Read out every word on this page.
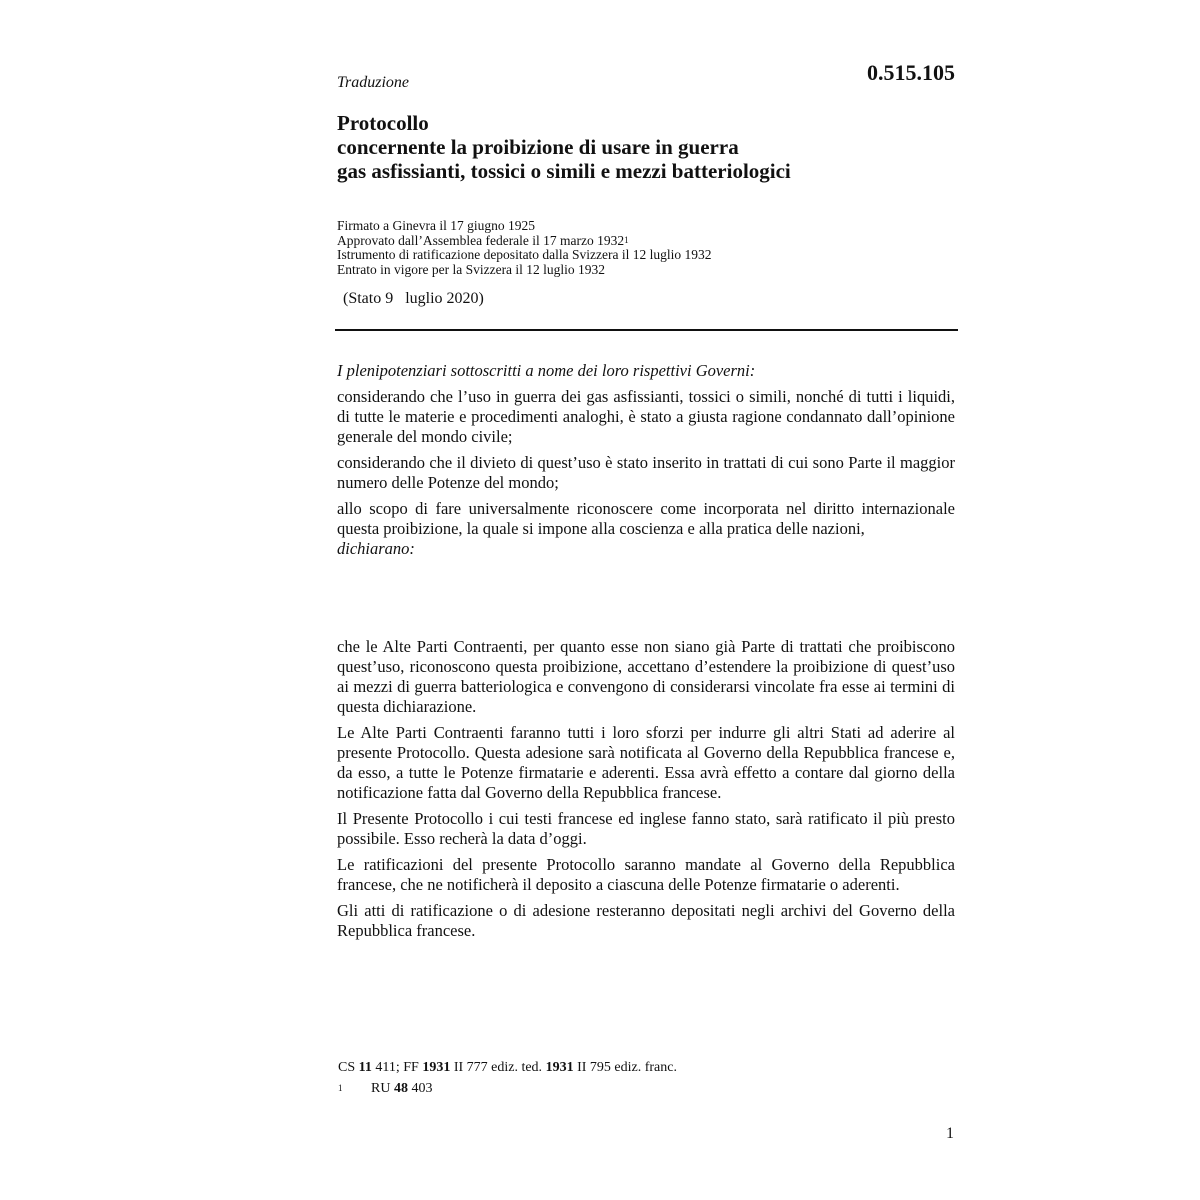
Traduzione	0.515.105
Protocollo
concernente la proibizione di usare in guerra
gas asfissianti, tossici o simili e mezzi batteriologici
Firmato a Ginevra il 17 giugno 1925
Approvato dall’Assemblea federale il 17 marzo 1932$^1$
Istrumento di ratificazione depositato dalla Svizzera il 12 luglio 1932
Entrato in vigore per la Svizzera il 12 luglio 1932
(Stato 9   luglio 2020)

I plenipotenziari sottoscritti a nome dei loro rispettivi Governi:

considerando che l’uso in guerra dei gas asfissianti, tossici o simili, nonché di tutti i liquidi, di tutte le materie e procedimenti analoghi, è stato a giusta ragione condannato dall’opinione generale del mondo civile;

considerando che il divieto di quest’uso è stato inserito in trattati di cui sono Parte il maggior numero delle Potenze del mondo;

allo scopo di fare universalmente riconoscere come incorporata nel diritto internazionale questa proibizione, la quale si impone alla coscienza e alla pratica delle nazioni,

dichiarano:

che le Alte Parti Contraenti, per quanto esse non siano già Parte di trattati che proibiscono quest’uso, riconoscono questa proibizione, accettano d’estendere la proibizione di quest’uso ai mezzi di guerra batteriologica e convengono di considerarsi vincolate fra esse ai termini di questa dichiarazione.

Le Alte Parti Contraenti faranno tutti i loro sforzi per indurre gli altri Stati ad aderire al presente Protocollo. Questa adesione sarà notificata al Governo della Repubblica francese e, da esso, a tutte le Potenze firmatarie e aderenti. Essa avrà effetto a contare dal giorno della notificazione fatta dal Governo della Repubblica francese.

Il Presente Protocollo i cui testi francese ed inglese fanno stato, sarà ratificato il più presto possibile. Esso recherà la data d’oggi.

Le ratificazioni del presente Protocollo saranno mandate al Governo della Repubblica francese, che ne notificherà il deposito a ciascuna delle Potenze firmatarie o aderenti.

Gli atti di ratificazione o di adesione resteranno depositati negli archivi del Governo della Repubblica francese.

CS 11 411; FF 1931 II 777 ediz. ted. 1931 II 795 ediz. franc.
1 RU 48 403
1
